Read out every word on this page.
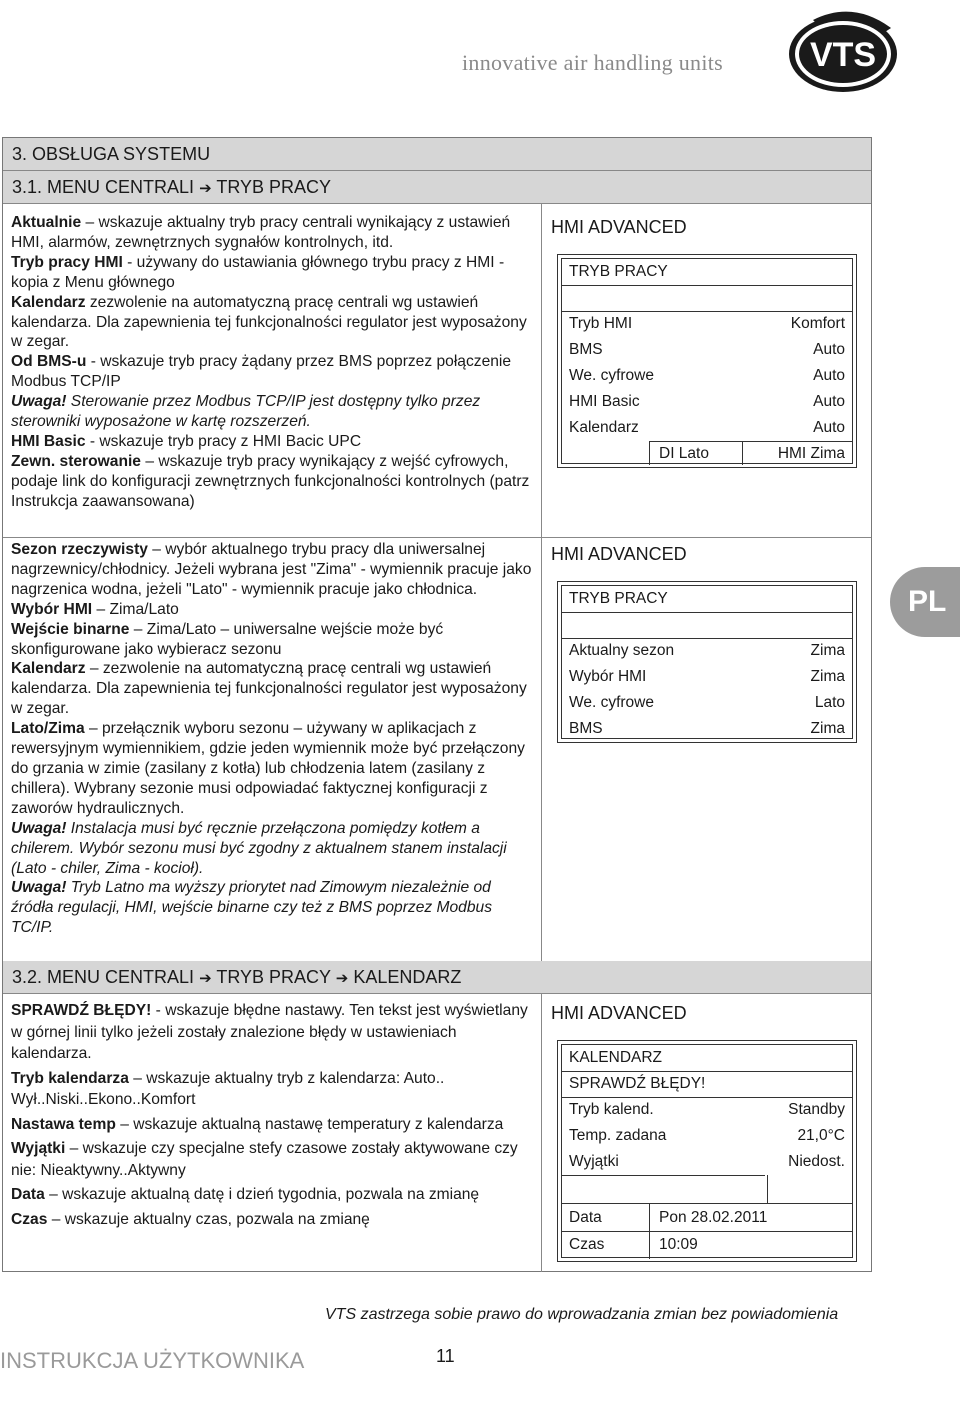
innovative air handling units	VTS
3. OBSŁUGA SYSTEMU
3.1. MENU CENTRALI ➔ TRYB PRACY
3.2. MENU CENTRALI ➔ TRYB PRACY ➔ KALENDARZ

Aktualnie – wskazuje aktualny tryb pracy centrali wynikający z ustawień HMI, alarmów, zewnętrznych sygnałów kontrolnych, itd.

Tryb pracy HMI - używany do ustawiania głównego trybu pracy z HMI - kopia z Menu głównego

Kalendarz zezwolenie na automatyczną pracę centrali wg ustawień kalendarza. Dla zapewnienia tej funkcjonalności regulator jest wyposażony w zegar.

Od BMS-u - wskazuje tryb pracy żądany przez BMS poprzez połączenie Modbus TCP/IP

Uwaga! Sterowanie przez Modbus TCP/IP jest dostępny tylko przez sterowniki wyposażone w kartę rozszerzeń.

HMI Basic - wskazuje tryb pracy z HMI Bacic UPC

Zewn. sterowanie – wskazuje tryb pracy wynikający z wejść cyfrowych, podaje link do konfiguracji zewnętrznych funkcjonalności kontrolnych (patrz Instrukcja zaawansowana)

Sezon rzeczywisty – wybór aktualnego trybu pracy dla uniwersalnej nagrzewnicy/chłodnicy. Jeżeli wybrana jest "Zima" - wymiennik pracuje jako nagrzenica wodna, jeżeli "Lato" - wymiennik pracuje jako chłodnica.

Wybór HMI – Zima/Lato

Wejście binarne – Zima/Lato – uniwersalne wejście może być skonfigurowane jako wybieracz sezonu

Kalendarz – zezwolenie na automatyczną pracę centrali wg ustawień kalendarza. Dla zapewnienia tej funkcjonalności regulator jest wyposażony w zegar.

Lato/Zima – przełącznik wyboru sezonu – używany w aplikacjach z rewersyjnym wymiennikiem, gdzie jeden wymiennik może być przełączony do grzania w zimie (zasilany z kotła) lub chłodzenia latem (zasilany z chillera). Wybrany sezonie musi odpowiadać faktycznej konfiguracji z zaworów hydraulicznych.

Uwaga! Instalacja musi być ręcznie przełączona pomiędzy kotłem a chilerem. Wybór sezonu musi być zgodny z aktualnem stanem instalacji (Lato - chiler, Zima - kocioł).

Uwaga! Tryb Latno ma wyższy priorytet nad Zimowym niezależnie od źródła regulacji, HMI, wejście binarne czy też z BMS poprzez Modbus TC/IP.

SPRAWDŹ BŁĘDY! - wskazuje błędne nastawy. Ten tekst jest wyświetlany w górnej linii tylko jeżeli zostały znalezione błędy w ustawieniach kalendarza.

Tryb kalendarza – wskazuje aktualny tryb z kalendarza: Auto.. Wył..Niski..Ekono..Komfort

Nastawa temp – wskazuje aktualną nastawę temperatury z kalendarza

Wyjątki – wskazuje czy specjalne stefy czasowe zostały aktywowane czy nie: Nieaktywny..Aktywny

Data – wskazuje aktualną datę i dzień tygodnia, pozwala na zmianę

Czas – wskazuje aktualny czas, pozwala na zmianę

HMI ADVANCED
TRYB PRACY
Tryb HMI	Komfort
BMS	Auto
We. cyfrowe	Auto
HMI Basic	Auto
Kalendarz	Auto
DI Lato	HMI Zima
HMI ADVANCED
TRYB PRACY
Aktualny sezon	Zima
Wybór HMI	Zima
We. cyfrowe	Lato
BMS	Zima
HMI ADVANCED
KALENDARZ
SPRAWDŹ BŁĘDY!
Tryb kalend.	Standby
Temp. zadana	21,0°C
Wyjątki	Niedost.
Data	Pon 28.02.2011
Czas	10:09
PL
VTS zastrzega sobie prawo do wprowadzania zmian bez powiadomienia
INSTRUKCJA UŻYTKOWNIKA	11
